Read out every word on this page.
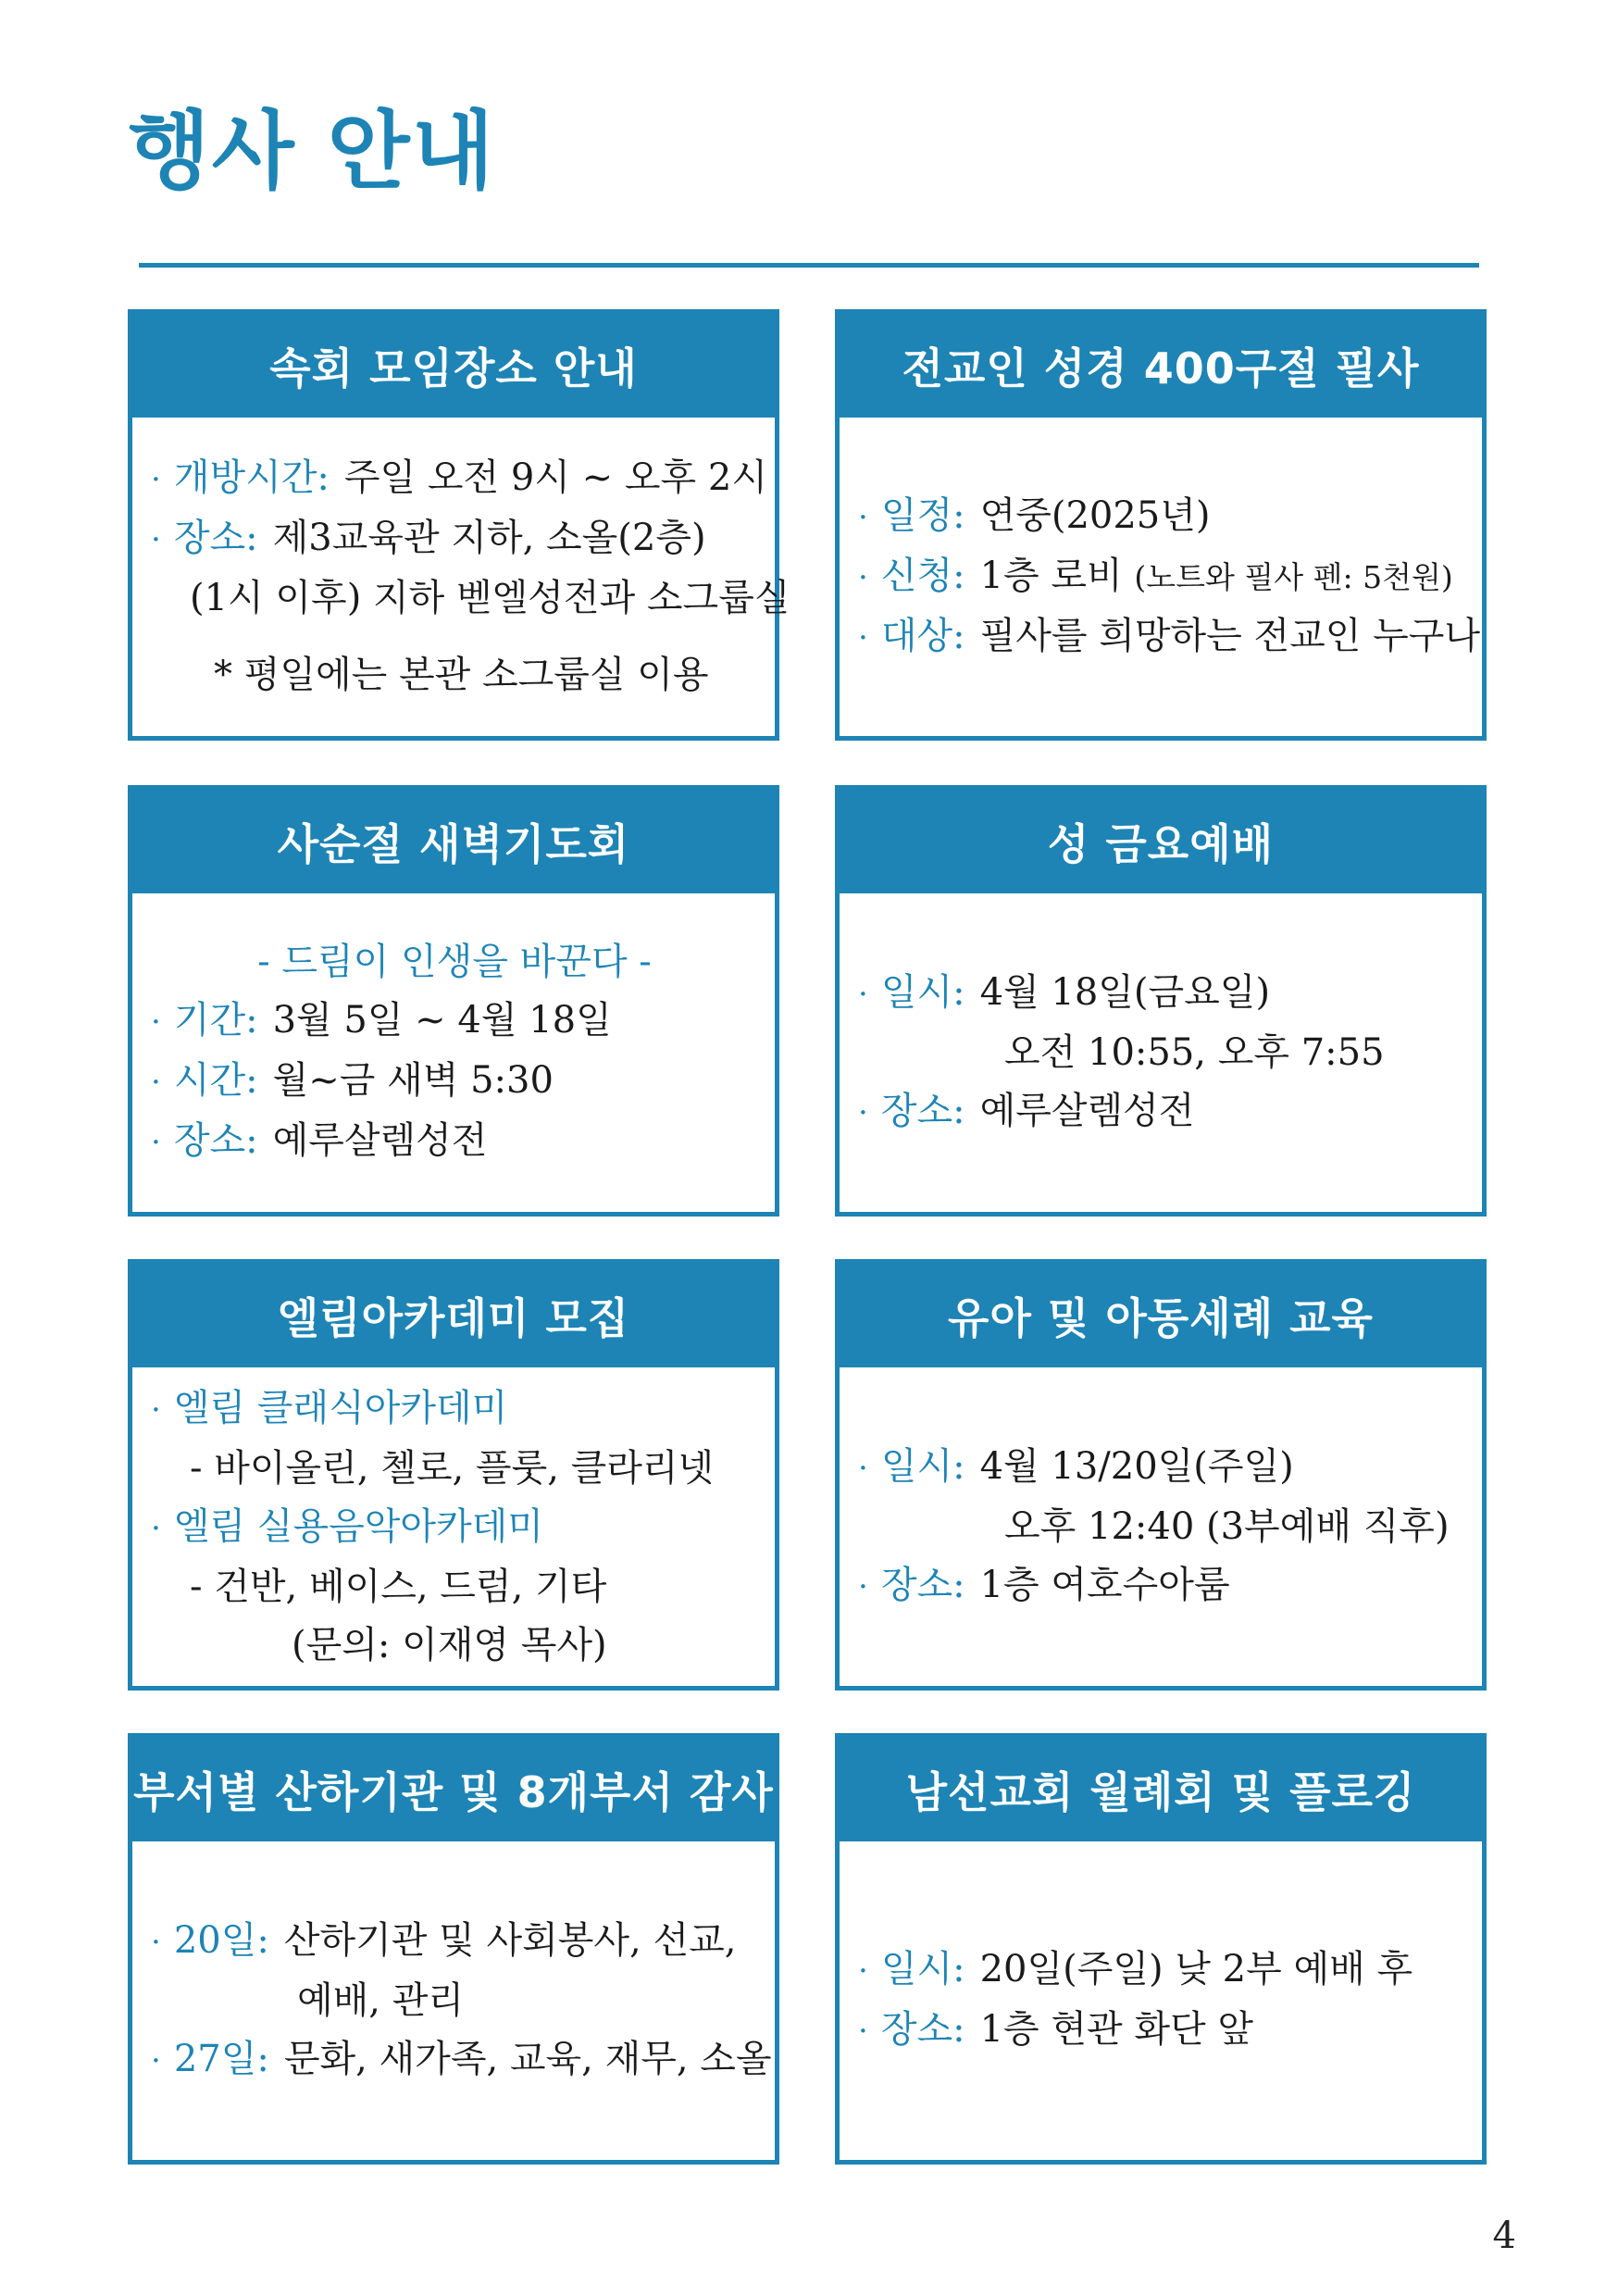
행사 안내
속회 모임장소 안내
· 개방시간: 주일 오전 9시 ~ 오후 2시
· 장소: 제3교육관 지하, 소올(2층)
(1시 이후) 지하 벧엘성전과 소그룹실
* 평일에는 본관 소그룹실 이용
전교인 성경 400구절 필사
· 일정: 연중(2025년)
· 신청: 1층 로비 (노트와 필사 펜: 5천원)
· 대상: 필사를 희망하는 전교인 누구나
사순절 새벽기도회
- 드림이 인생을 바꾼다 -
· 기간: 3월 5일 ~ 4월 18일
· 시간: 월~금 새벽 5:30
· 장소: 예루살렘성전
성 금요예배
· 일시: 4월 18일(금요일)
오전 10:55, 오후 7:55
· 장소: 예루살렘성전
엘림아카데미 모집
· 엘림 클래식아카데미
- 바이올린, 첼로, 플룻, 클라리넷
· 엘림 실용음악아카데미
- 건반, 베이스, 드럼, 기타
(문의: 이재영 목사)
유아 및 아동세례 교육
· 일시: 4월 13/20일(주일)
오후 12:40 (3부예배 직후)
· 장소: 1층 여호수아룸
부서별 산하기관 및 8개부서 감사
· 20일: 산하기관 및 사회봉사, 선교,
예배, 관리
· 27일: 문화, 새가족, 교육, 재무, 소올
남선교회 월례회 및 플로깅
· 일시: 20일(주일) 낮 2부 예배 후
· 장소: 1층 현관 화단 앞
4
